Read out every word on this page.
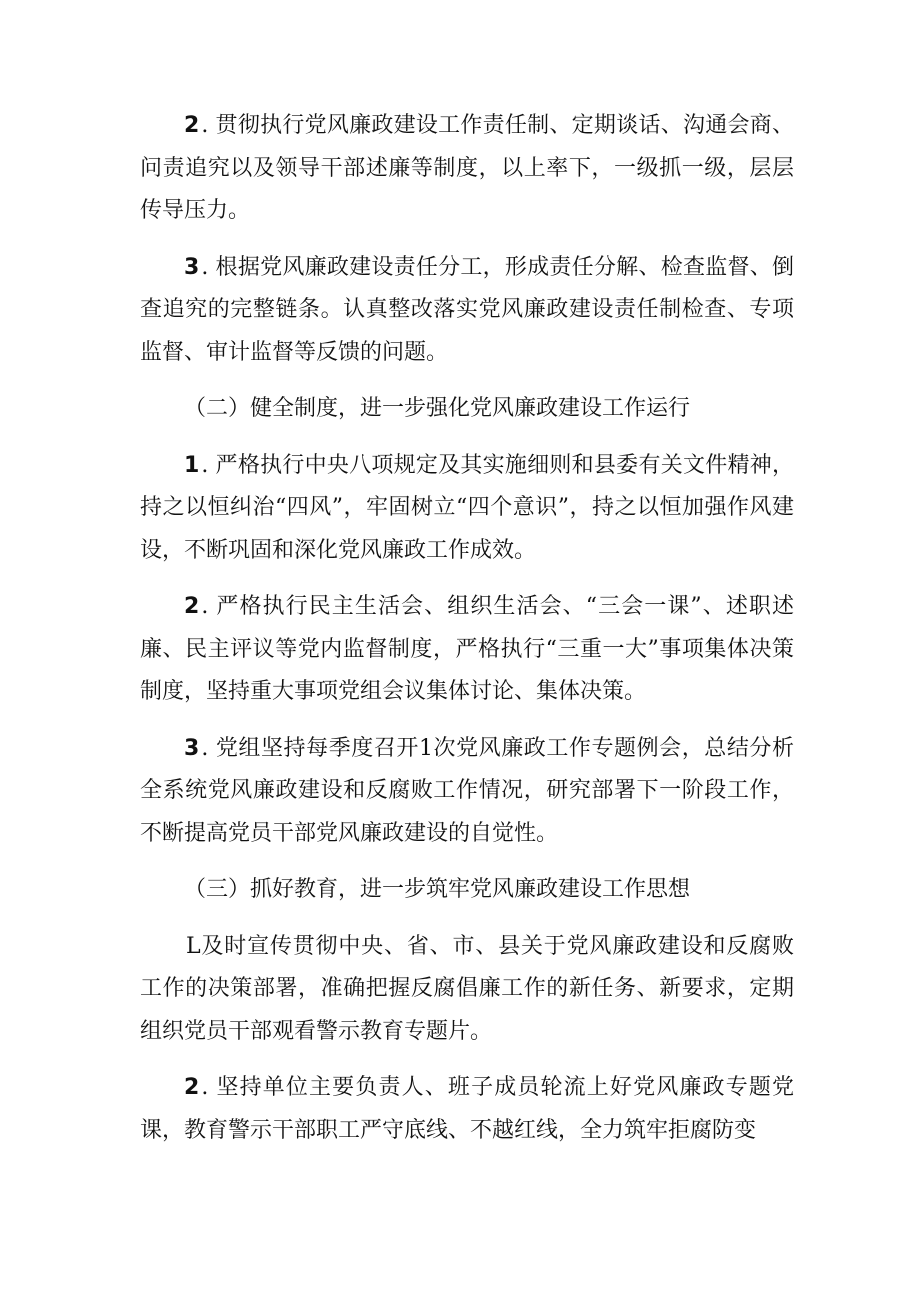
2. 贯彻执行党风廉政建设工作责任制、定期谈话、沟通会商、问责追究以及领导干部述廉等制度，以上率下，一级抓一级，层层传导压力。

3. 根据党风廉政建设责任分工，形成责任分解、检查监督、倒查追究的完整链条。认真整改落实党风廉政建设责任制检查、专项监督、审计监督等反馈的问题。

（二）健全制度，进一步强化党风廉政建设工作运行

1. 严格执行中央八项规定及其实施细则和县委有关文件精神，持之以恒纠治“四风”，牢固树立“四个意识”，持之以恒加强作风建设，不断巩固和深化党风廉政工作成效。

2. 严格执行民主生活会、组织生活会、“三会一课”、述职述廉、民主评议等党内监督制度，严格执行“三重一大”事项集体决策制度，坚持重大事项党组会议集体讨论、集体决策。

3. 党组坚持每季度召开1次党风廉政工作专题例会，总结分析全系统党风廉政建设和反腐败工作情况，研究部署下一阶段工作，不断提高党员干部党风廉政建设的自觉性。

（三）抓好教育，进一步筑牢党风廉政建设工作思想

L及时宣传贯彻中央、省、市、县关于党风廉政建设和反腐败工作的决策部署，准确把握反腐倡廉工作的新任务、新要求，定期组织党员干部观看警示教育专题片。

2. 坚持单位主要负责人、班子成员轮流上好党风廉政专题党课，教育警示干部职工严守底线、不越红线，全力筑牢拒腐防变
